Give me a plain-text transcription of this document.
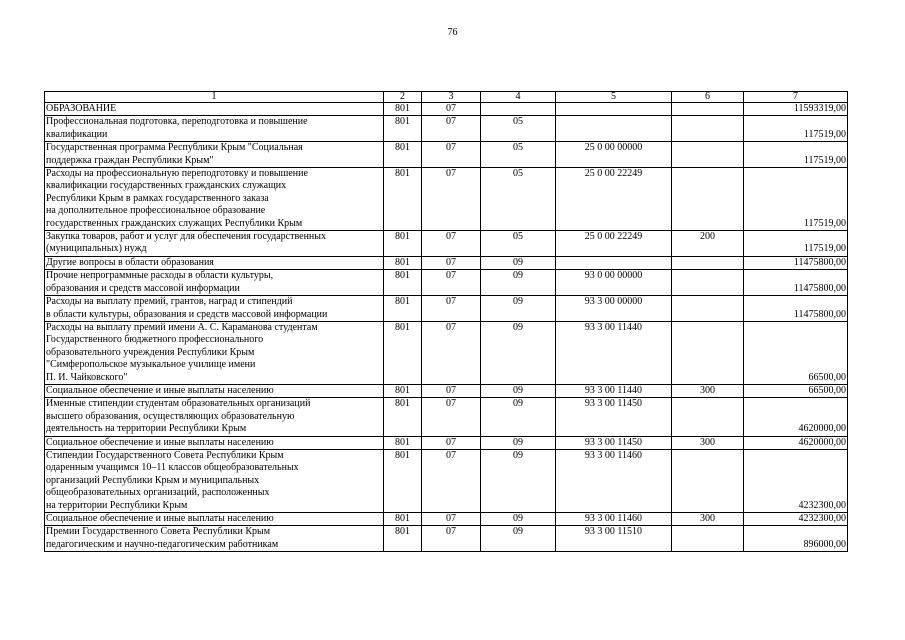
76
1	2	3	4	5	6	7

ОБРАЗОВАНИЕ	801	07				11593319,00

Профессиональная подготовка, переподготовка и повышение
квалификации	801	07	05			117519,00

Государственная программа Республики Крым "Социальная
поддержка граждан Республики Крым"	801	07	05	25 0 00 00000		117519,00

Расходы на профессиональную переподготовку и повышение
квалификации государственных гражданских служащих
Республики Крым в рамках государственного заказа
на дополнительное профессиональное образование
государственных гражданских служащих Республики Крым	801	07	05	25 0 00 22249		117519,00

Закупка товаров, работ и услуг для обеспечения государственных
(муниципальных) нужд	801	07	05	25 0 00 22249	200	117519,00

Другие вопросы в области образования	801	07	09			11475800,00

Прочие непрограммные расходы в области культуры,
образования и средств массовой информации	801	07	09	93 0 00 00000		11475800,00

Расходы на выплату премий, грантов, наград и стипендий
в области культуры, образования и средств массовой информации	801	07	09	93 3 00 00000		11475800,00

Расходы на выплату премий имени А. С. Караманова студентам
Государственного бюджетного профессионального
образовательного учреждения Республики Крым
"Симферопольское музыкальное училище имени
П. И. Чайковского"	801	07	09	93 3 00 11440		66500,00

Социальное обеспечение и иные выплаты населению	801	07	09	93 3 00 11440	300	66500,00

Именные стипендии студентам образовательных организаций
высшего образования, осуществляющих образовательную
деятельность на территории Республики Крым	801	07	09	93 3 00 11450		4620000,00

Социальное обеспечение и иные выплаты населению	801	07	09	93 3 00 11450	300	4620000,00

Стипендии Государственного Совета Республики Крым
одаренным учащимся 10–11 классов общеобразовательных
организаций Республики Крым и муниципальных
общеобразовательных организаций, расположенных
на территории Республики Крым	801	07	09	93 3 00 11460		4232300,00

Социальное обеспечение и иные выплаты населению	801	07	09	93 3 00 11460	300	4232300,00

Премии Государственного Совета Республики Крым
педагогическим и научно-педагогическим работникам	801	07	09	93 3 00 11510		896000,00
